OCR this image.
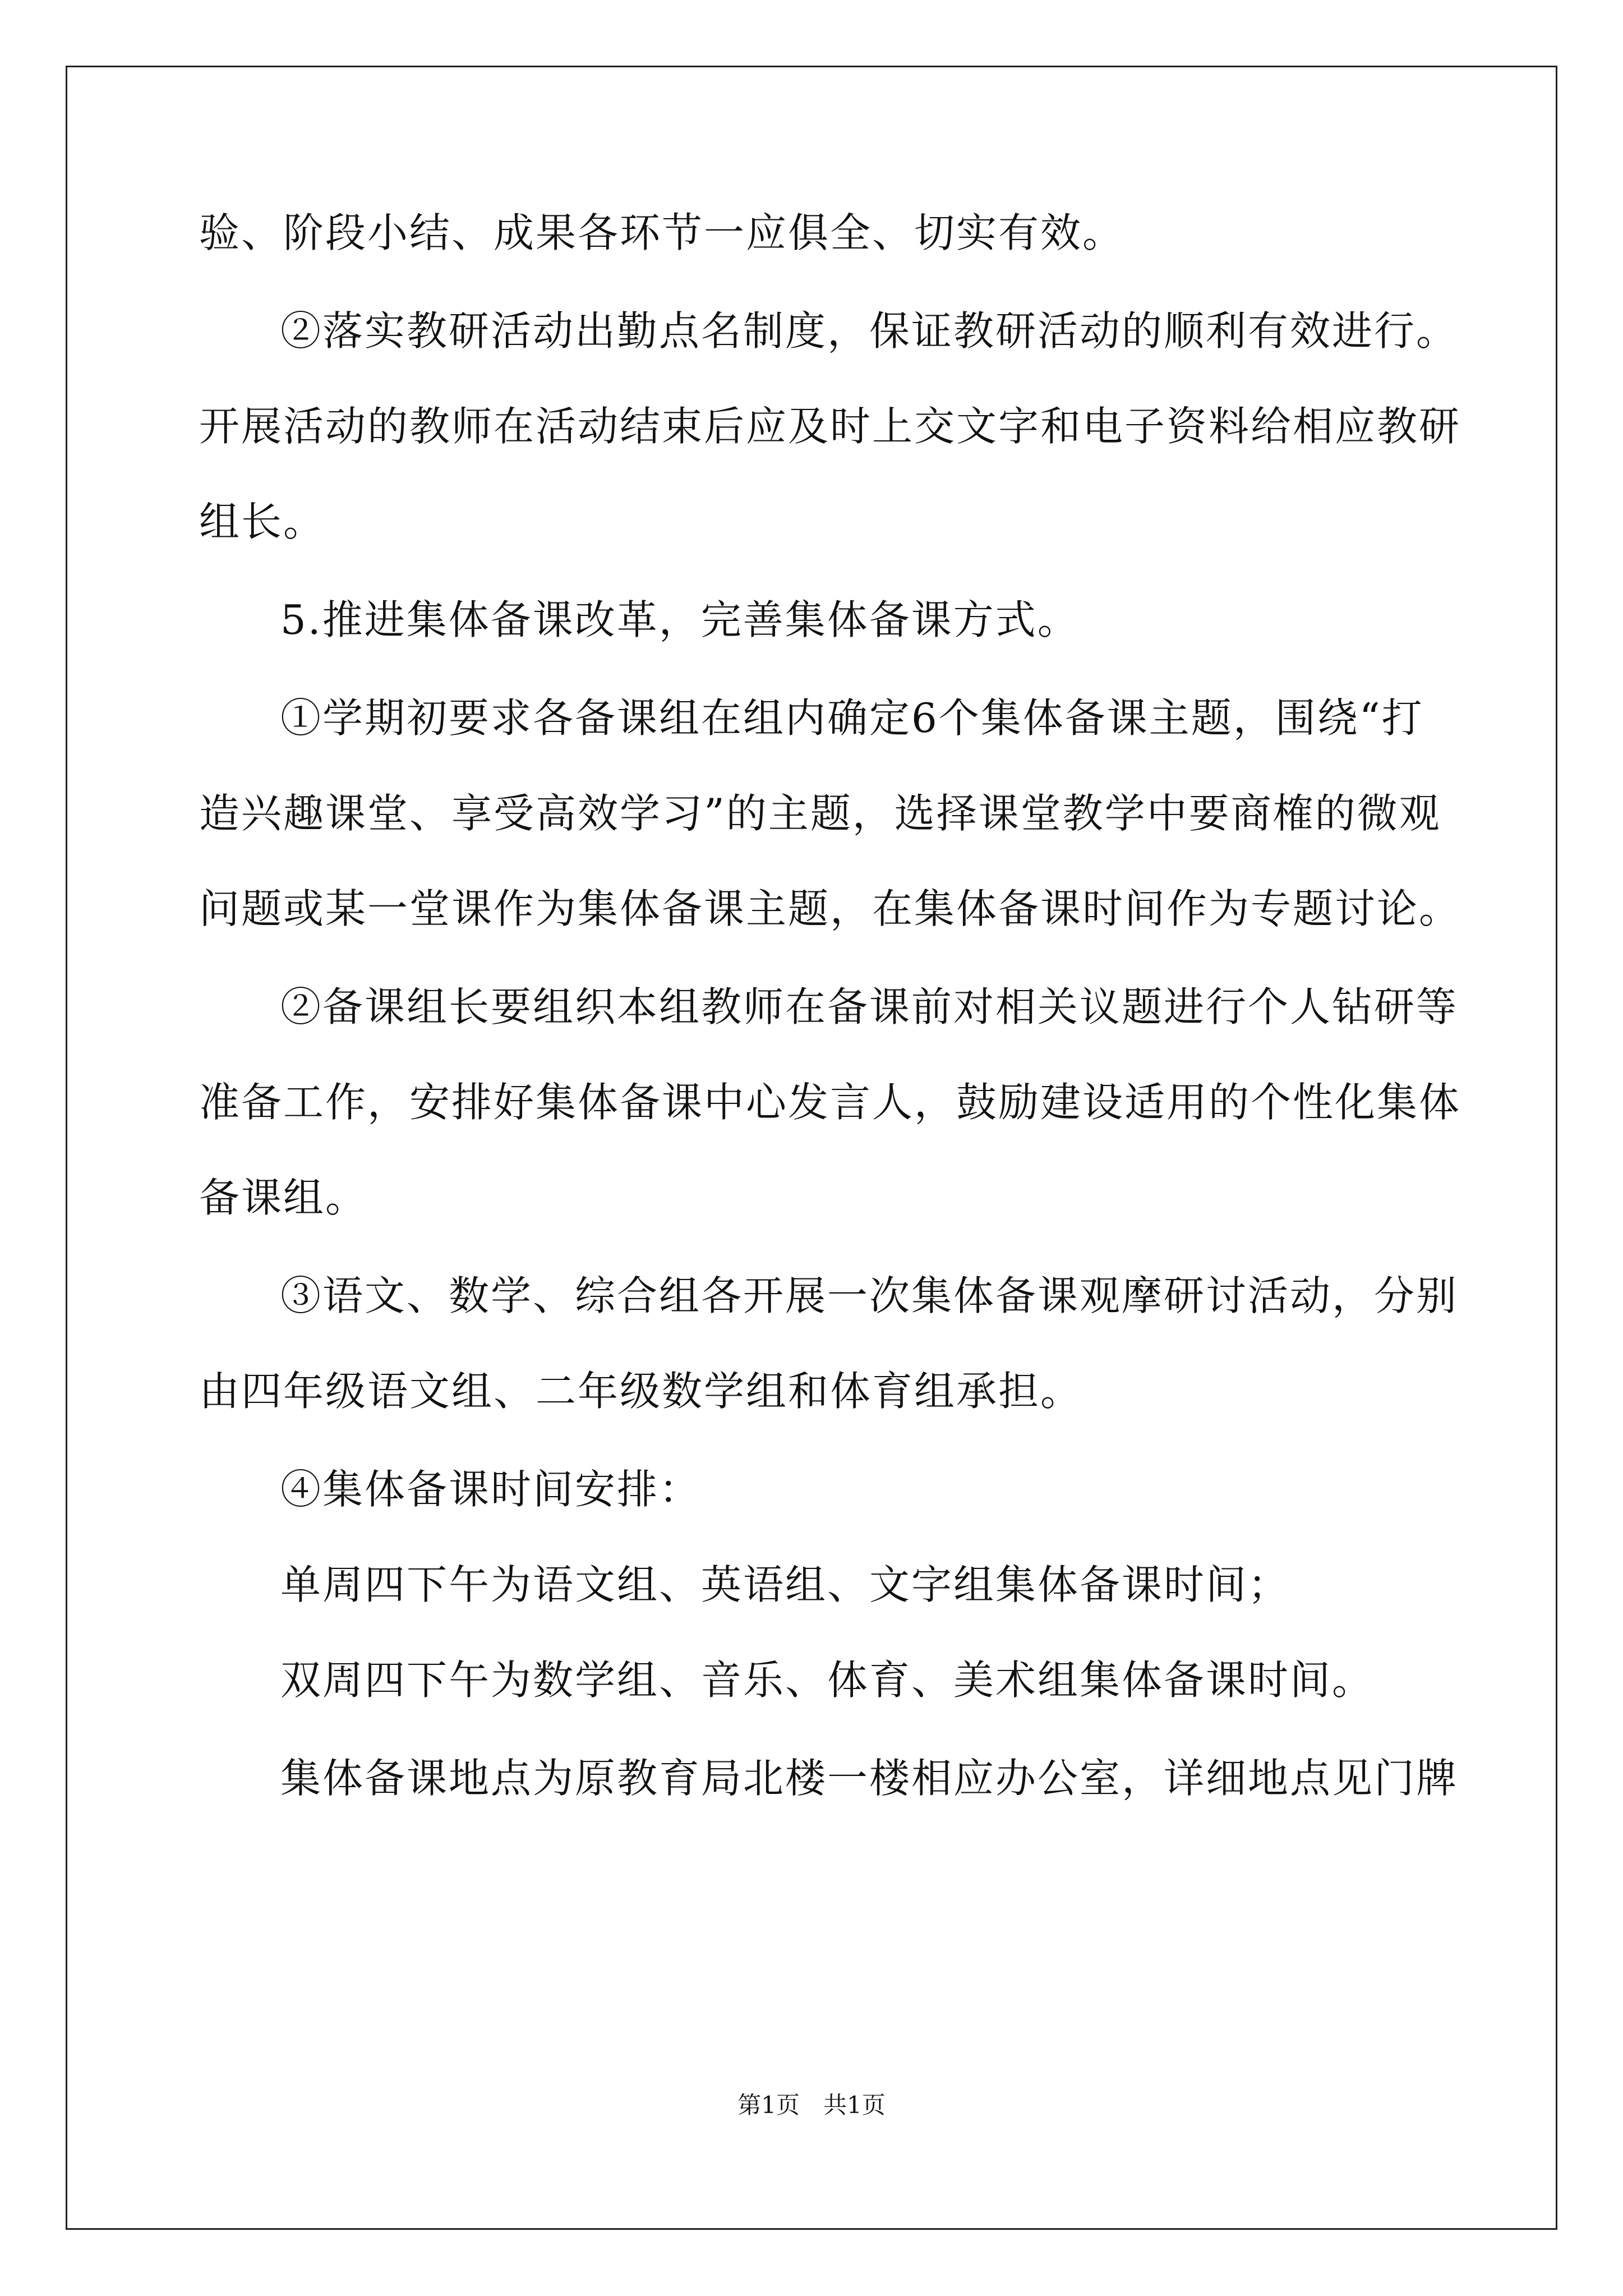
验、阶段小结、成果各环节一应俱全、切实有效。
②落实教研活动出勤点名制度，保证教研活动的顺利有效进行。
开展活动的教师在活动结束后应及时上交文字和电子资料给相应教研
组长。
5.推进集体备课改革，完善集体备课方式。
①学期初要求各备课组在组内确定6个集体备课主题，围绕“打
造兴趣课堂、享受高效学习”的主题，选择课堂教学中要商榷的微观
问题或某一堂课作为集体备课主题，在集体备课时间作为专题讨论。
②备课组长要组织本组教师在备课前对相关议题进行个人钻研等
准备工作，安排好集体备课中心发言人，鼓励建设适用的个性化集体
备课组。
③语文、数学、综合组各开展一次集体备课观摩研讨活动，分别
由四年级语文组、二年级数学组和体育组承担。
④集体备课时间安排：
单周四下午为语文组、英语组、文字组集体备课时间；
双周四下午为数学组、音乐、体育、美术组集体备课时间。
集体备课地点为原教育局北楼一楼相应办公室，详细地点见门牌
第1页　共1页
